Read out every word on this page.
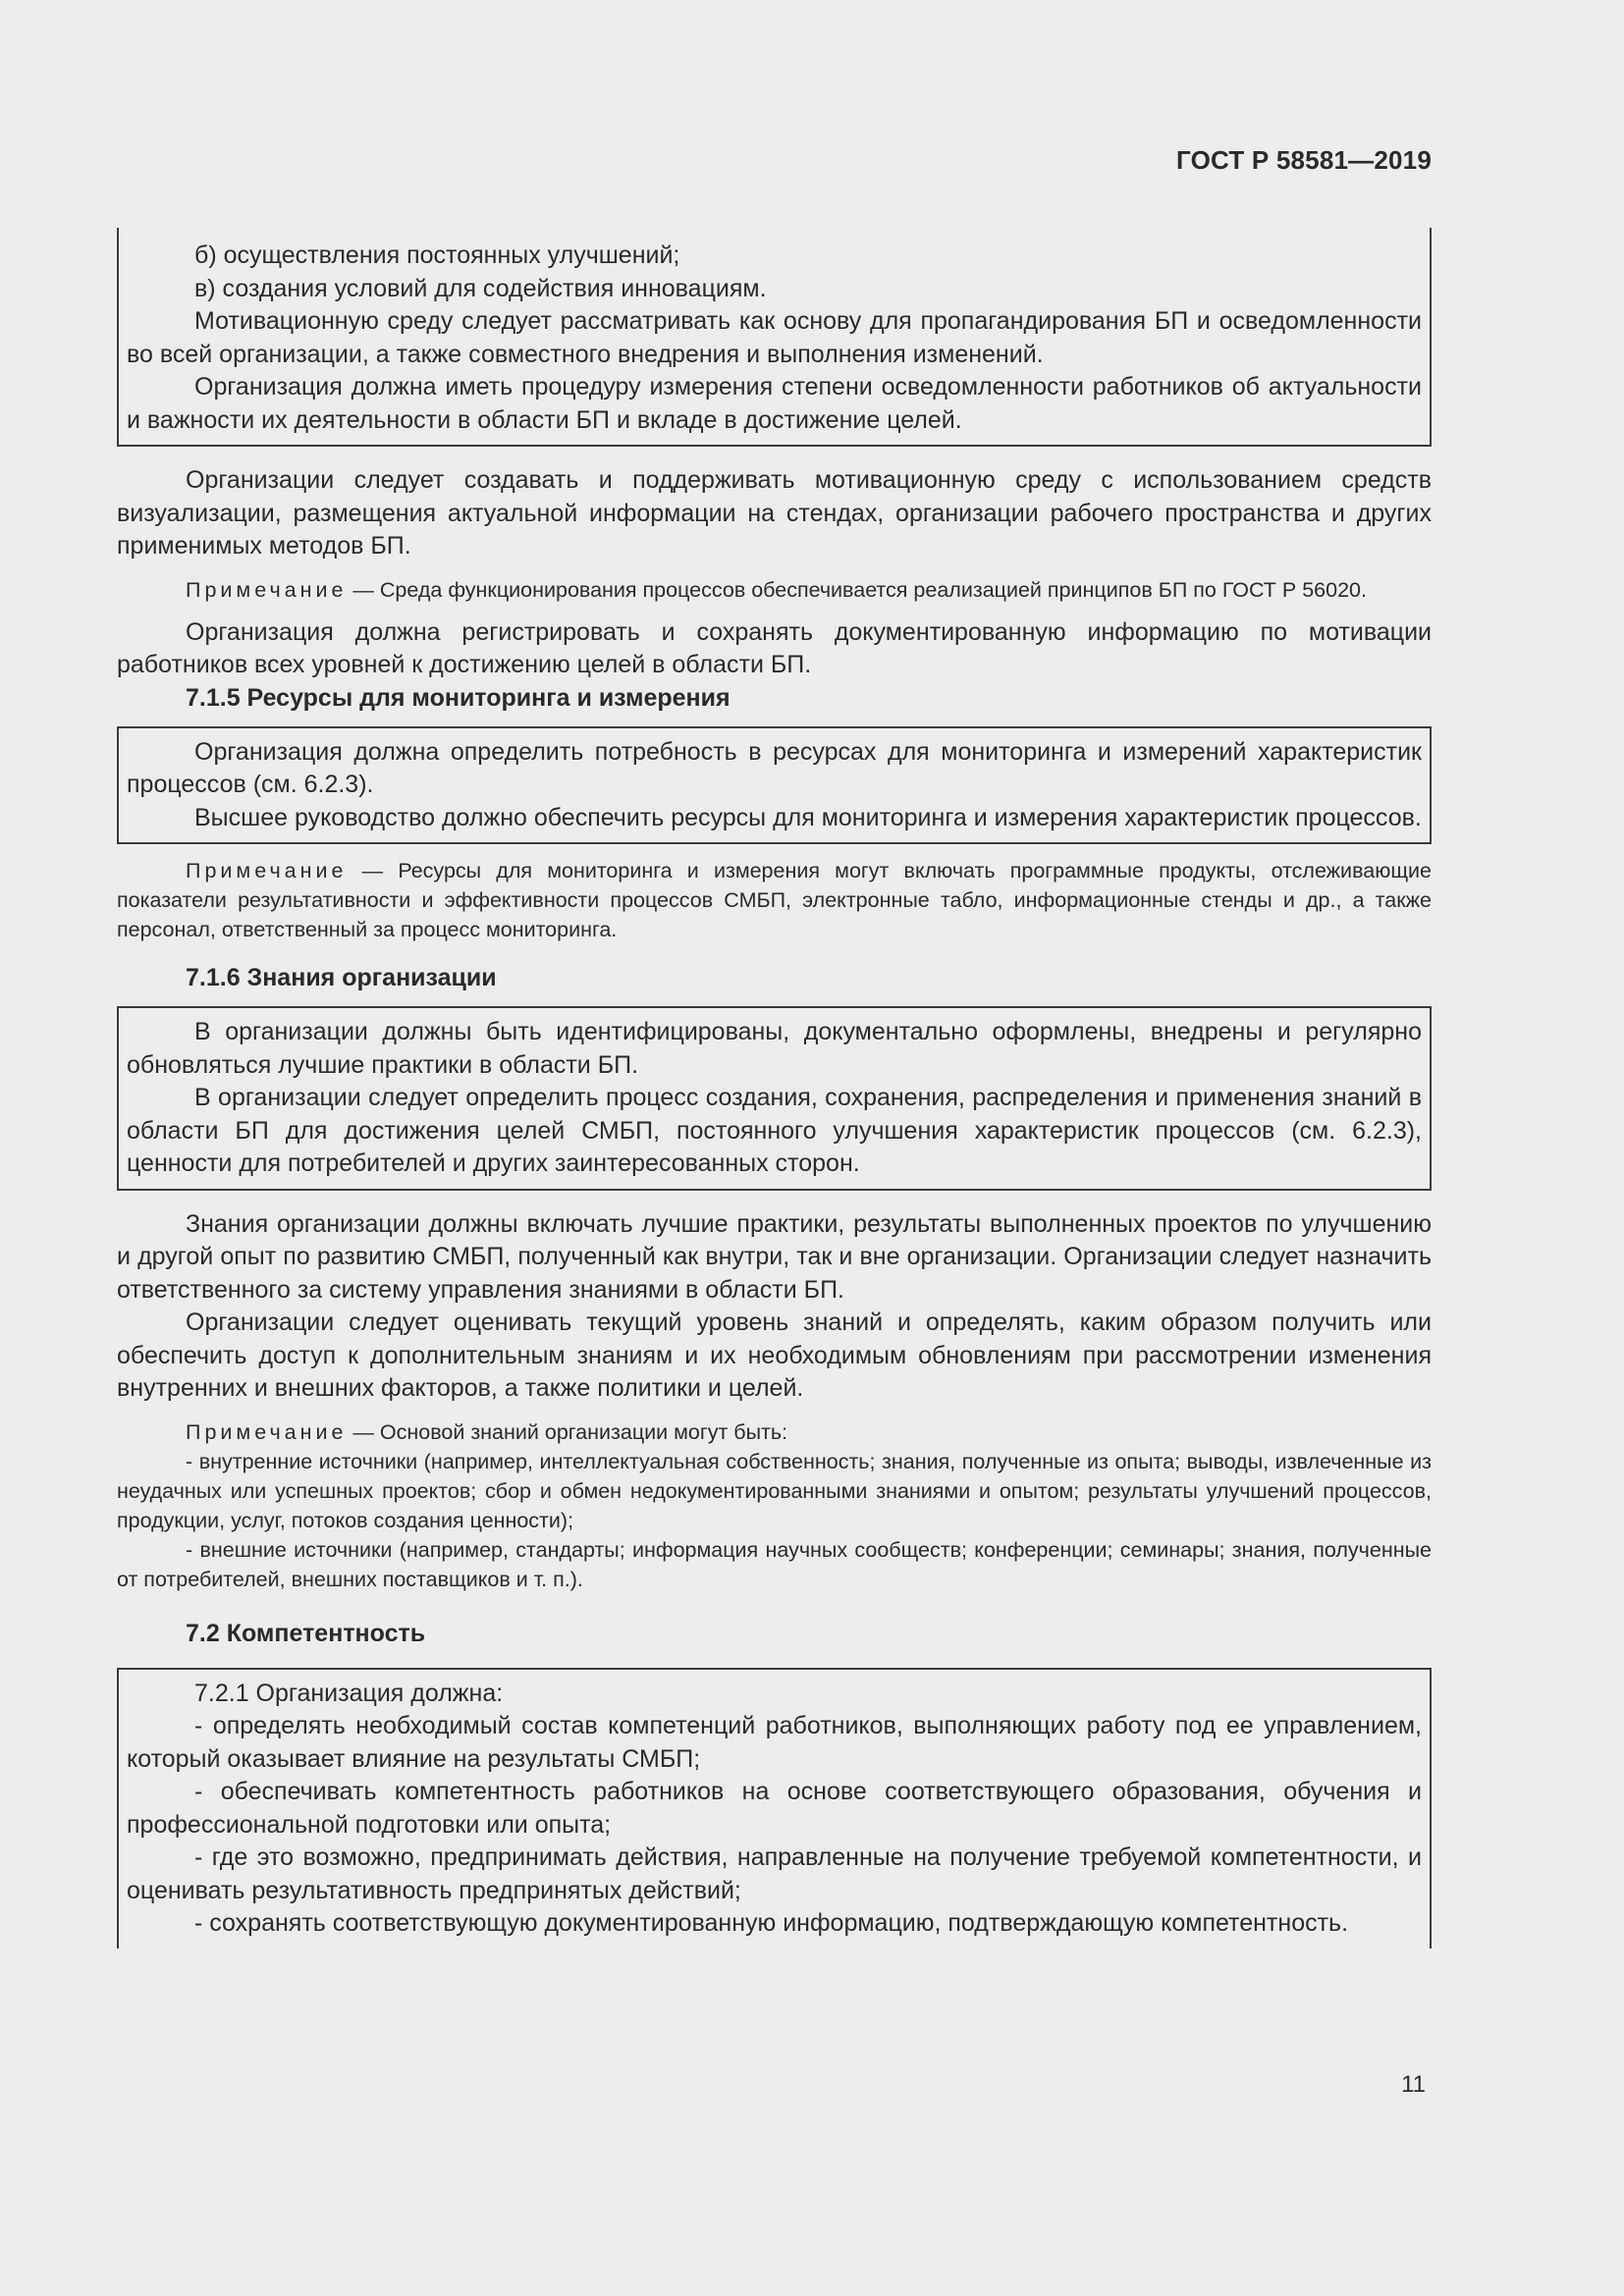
ГОСТ Р 58581—2019

б) осуществления постоянных улучшений;

в) создания условий для содействия инновациям.

Мотивационную среду следует рассматривать как основу для пропагандирования БП и осведомленности во всей организации, а также совместного внедрения и выполнения изменений.

Организация должна иметь процедуру измерения степени осведомленности работников об актуальности и важности их деятельности в области БП и вкладе в достижение целей.

Организации следует создавать и поддерживать мотивационную среду с использованием средств визуализации, размещения актуальной информации на стендах, организации рабочего пространства и других применимых методов БП.

Примечание — Среда функционирования процессов обеспечивается реализацией принципов БП по ГОСТ Р 56020.

Организация должна регистрировать и сохранять документированную информацию по мотивации работников всех уровней к достижению целей в области БП.

7.1.5 Ресурсы для мониторинга и измерения

Организация должна определить потребность в ресурсах для мониторинга и измерений характеристик процессов (см. 6.2.3).

Высшее руководство должно обеспечить ресурсы для мониторинга и измерения характеристик процессов.

Примечание — Ресурсы для мониторинга и измерения могут включать программные продукты, отслеживающие показатели результативности и эффективности процессов СМБП, электронные табло, информационные стенды и др., а также персонал, ответственный за процесс мониторинга.

7.1.6 Знания организации

В организации должны быть идентифицированы, документально оформлены, внедрены и регулярно обновляться лучшие практики в области БП.

В организации следует определить процесс создания, сохранения, распределения и применения знаний в области БП для достижения целей СМБП, постоянного улучшения характеристик процессов (см. 6.2.3), ценности для потребителей и других заинтересованных сторон.

Знания организации должны включать лучшие практики, результаты выполненных проектов по улучшению и другой опыт по развитию СМБП, полученный как внутри, так и вне организации. Организации следует назначить ответственного за систему управления знаниями в области БП.

Организации следует оценивать текущий уровень знаний и определять, каким образом получить или обеспечить доступ к дополнительным знаниям и их необходимым обновлениям при рассмотрении изменения внутренних и внешних факторов, а также политики и целей.

Примечание — Основой знаний организации могут быть:

- внутренние источники (например, интеллектуальная собственность; знания, полученные из опыта; выводы, извлеченные из неудачных или успешных проектов; сбор и обмен недокументированными знаниями и опытом; результаты улучшений процессов, продукции, услуг, потоков создания ценности);

- внешние источники (например, стандарты; информация научных сообществ; конференции; семинары; знания, полученные от потребителей, внешних поставщиков и т. п.).

7.2 Компетентность

7.2.1 Организация должна:

- определять необходимый состав компетенций работников, выполняющих работу под ее управлением, который оказывает влияние на результаты СМБП;

- обеспечивать компетентность работников на основе соответствующего образования, обучения и профессиональной подготовки или опыта;

- где это возможно, предпринимать действия, направленные на получение требуемой компетентности, и оценивать результативность предпринятых действий;

- сохранять соответствующую документированную информацию, подтверждающую компетентность.

11
